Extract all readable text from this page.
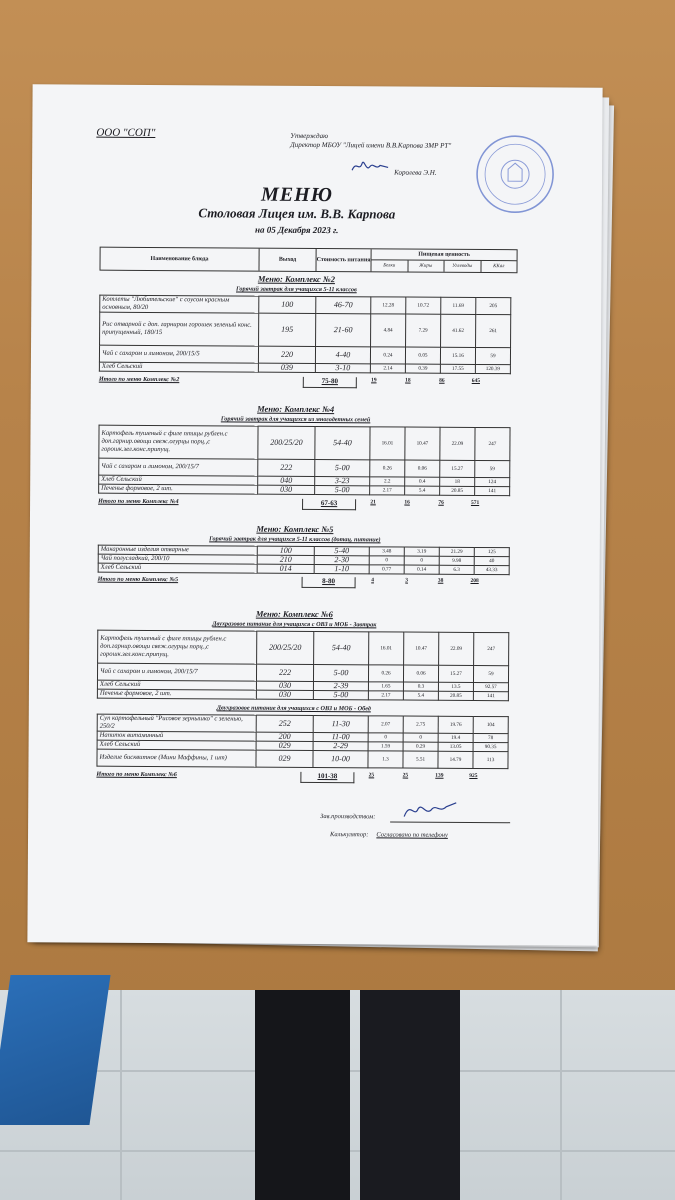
ООО "СОП"	Утверждаю
Директор МБОУ "Лицей имени В.В.Карпова ЗМР РТ"
Королева Э.Н.
МЕНЮ
Столовая Лицея им. В.В. Карпова
на 05 Декабря 2023 г.
Наименование блюда	Выход	Стоимость питания
Пищевая ценность
Белки	Жиры	Углеводы	ККал
Меню: Комплекс №2
Горячий завтрак для учащихся 5-11 классов
Котлеты "Любительские" с соусом красным основным, 80/20	100	46-70	12.28	10.72	11.69	205
Рис отварной с доп. гарниром горошек зеленый конс. припущенный, 180/15	195	21-60	4.84	7.29	41.62	261
Чай с сахаром и лимоном, 200/15/5	220	4-40	0.24	0.05	15.16	59
Хлеб Сельский	039	3-10	2.14	0.39	17.55	120.39
Итого по меню Комплекс №2	75-80	19	18	86	645
Меню: Комплекс №4
Горячий завтрак для учащихся из многодетных семей
Картофель тушеный с филе птицы рублен.с доп.гарнир.овощи свеж.огурцы порц.,с горошк.зел.конс.припущ.	200/25/20	54-40	16.01	10.47	22.09	247
Чай с сахаром и лимоном, 200/15/7	222	5-00	0.26	0.06	15.27	59
Хлеб Сельский	040	3-23	2.2	0.4	18	124
Печенье формовое, 2 шт.	030	5-00	2.17	5.4	20.85	141
Итого по меню Комплекс №4	67-63	21	16	76	571
Меню: Комплекс №5
Горячий завтрак для учащихся 5-11 классов (дотац. питание)
Макаронные изделия отварные	100	5-40	3.48	3.19	21.29	125
Чай полусладкий, 200/10	210	2-30	0	0	9.98	40
Хлеб Сельский	014	1-10	0.77	0.14	6.3	43.33
Итого по меню Комплекс №5	8-80	4	3	38	208
Меню: Комплекс №6
Двухразовое питание для учащихся с ОВЗ и МОБ - Завтрак
Картофель тушеный с филе птицы рублен.с доп.гарнир.овощи свеж.огурцы порц.,с горошк.зел.конс.припущ.	200/25/20	54-40	16.01	10.47	22.09	247
Чай с сахаром и лимоном, 200/15/7	222	5-00	0.26	0.06	15.27	59
Хлеб Сельский	030	2-39	1.65	0.3	13.5	92.57
Печенье формовое, 2 шт.	030	5-00	2.17	5.4	20.85	141
Двухразовое питание для учащихся с ОВЗ и МОБ - Обед
Суп картофельный "Рисовое зернышко" с зеленью, 250/2	252	11-30	2.07	2.75	19.76	104
Напиток витаминный	200	11-00	0	0	19.4	78
Хлеб Сельский	029	2-29	1.59	0.29	13.05	90.35
Изделие бисквитное (Мини Маффины, 1 шт)	029	10-00	1.3	5.51	14.79	113
Итого по меню Комплекс №6	101-38	25	25	139	925
Зав.производством:
Калькулятор: Согласовано по телефону
